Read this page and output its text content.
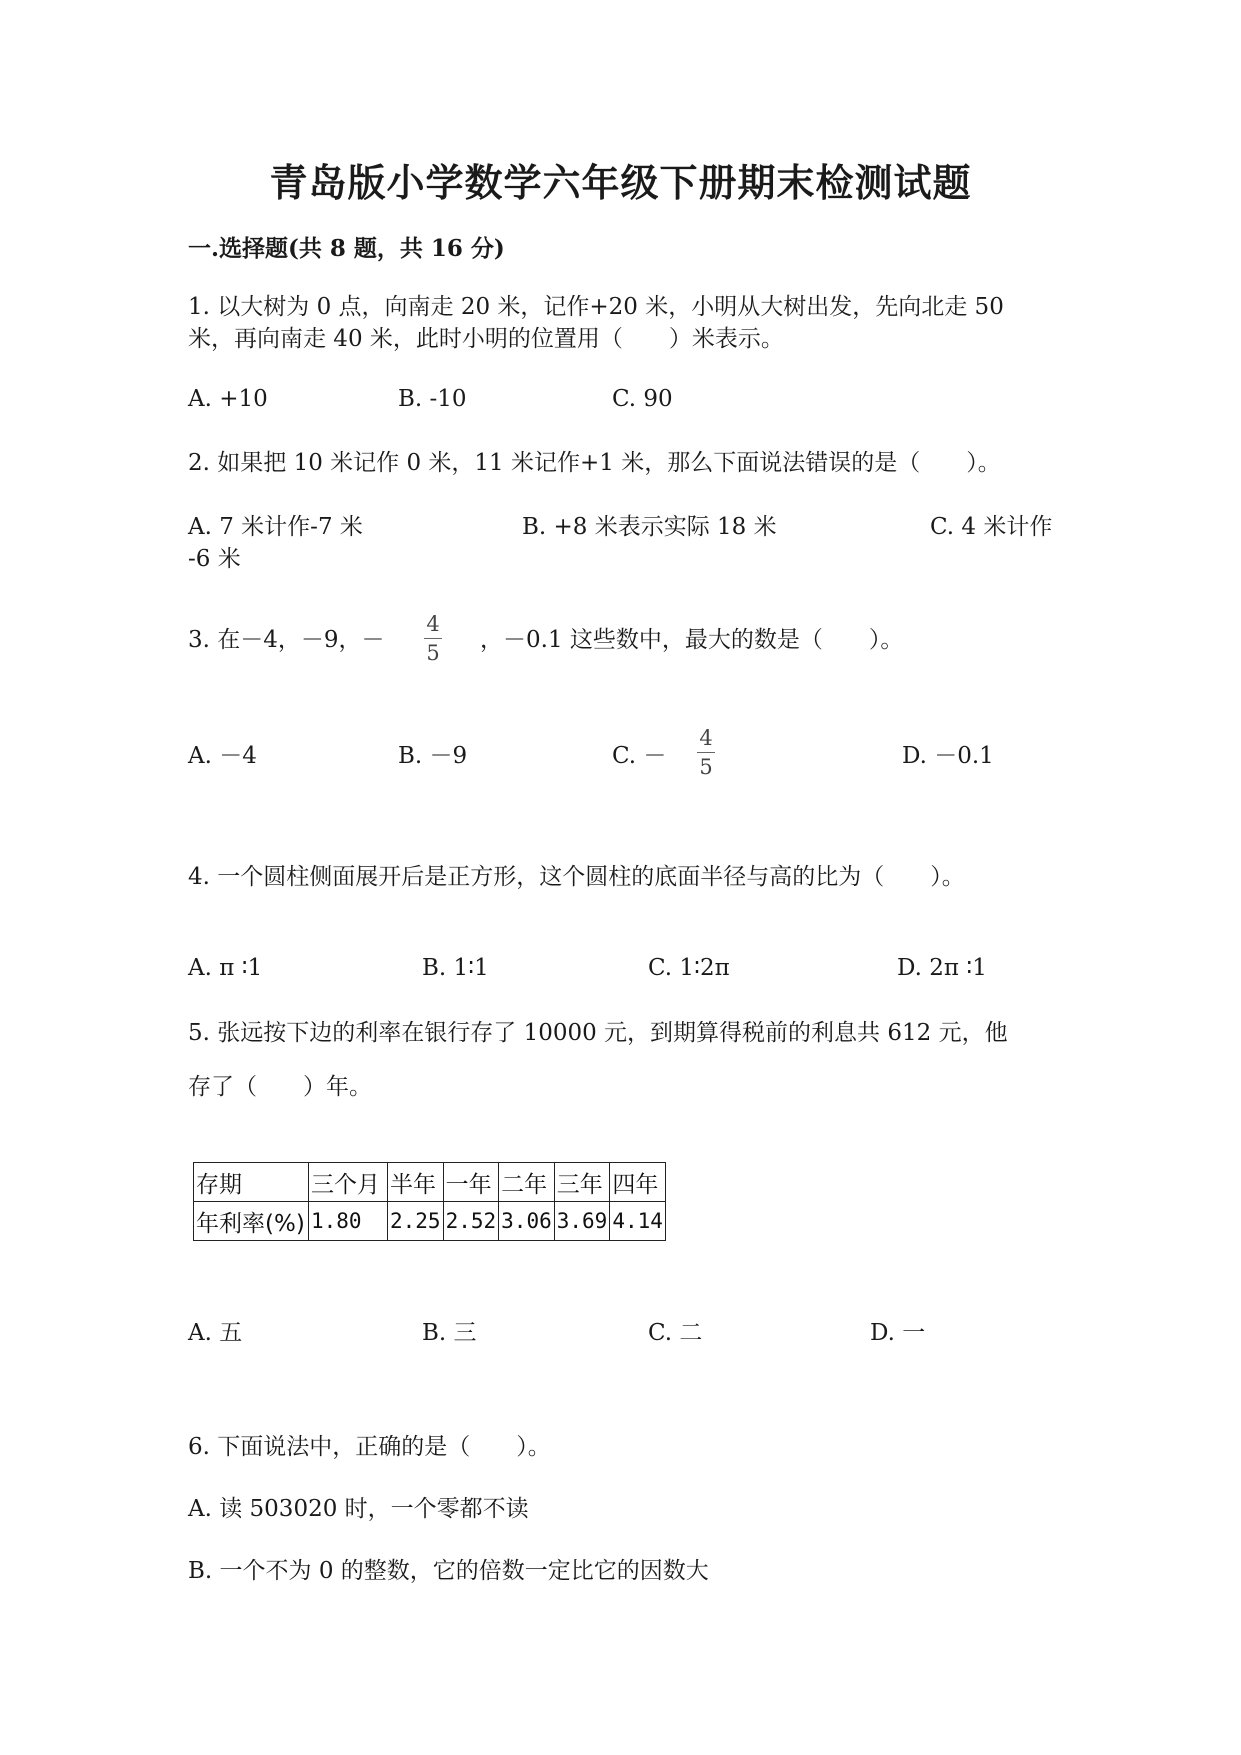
青岛版小学数学六年级下册期末检测试题
一.选择题(共 8 题，共 16 分)
1. 以大树为 0 点，向南走 20 米，记作+20 米，小明从大树出发，先向北走 50
米，再向南走 40 米，此时小明的位置用（　　）米表示。
A. +10	B. -10	C. 90
2. 如果把 10 米记作 0 米，11 米记作+1 米，那么下面说法错误的是（　　）。
A. 7 米计作-7 米	B. +8 米表示实际 18 米	C. 4 米计作
-6 米
3. 在－4，－9，－
4
5 ，－0.1 这些数中，最大的数是（　　）。
A. －4	B. －9	C. －
4
5	D. －0.1
4. 一个圆柱侧面展开后是正方形，这个圆柱的底面半径与高的比为（　　）。
A. π ∶1	B. 1∶1	C. 1∶2π	D. 2π ∶1
5. 张远按下边的利率在银行存了 10000 元，到期算得税前的利息共 612 元，他
存了（　　）年。
存期	三个月	半年	一年	二年	三年	四年
年利率(%)	1.80	2.25	2.52	3.06	3.69	4.14
A. 五	B. 三	C. 二	D. 一
6. 下面说法中，正确的是（　　）。
A. 读 503020 时，一个零都不读
B. 一个不为 0 的整数，它的倍数一定比它的因数大
